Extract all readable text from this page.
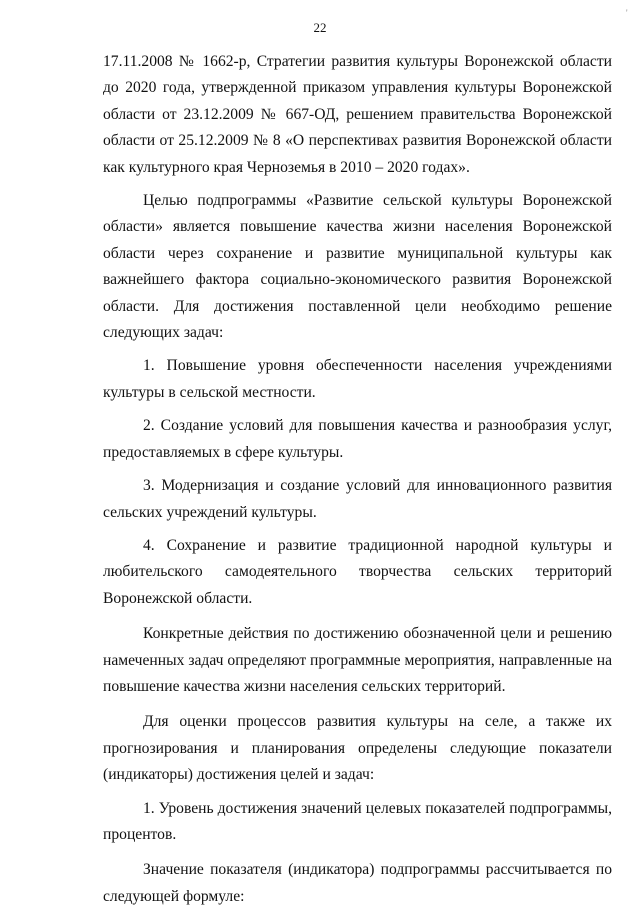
'
22

17.11.2008 № 1662-р, Стратегии развития культуры Воронежской области до 2020 года, утвержденной приказом управления культуры Воронежской области от 23.12.2009 № 667-ОД, решением правительства Воронежской области от 25.12.2009 № 8 «О перспективах развития Воронежской области как культурного края Черноземья в 2010 – 2020 годах».

Целью подпрограммы «Развитие сельской культуры Воронежской области» является повышение качества жизни населения Воронежской области через сохранение и развитие муниципальной культуры как важнейшего фактора социально-экономического развития Воронежской области. Для достижения поставленной цели необходимо решение следующих задач:

1. Повышение уровня обеспеченности населения учреждениями культуры в сельской местности.

2. Создание условий для повышения качества и разнообразия услуг, предоставляемых в сфере культуры.

3. Модернизация и создание условий для инновационного развития сельских учреждений культуры.

4. Сохранение и развитие традиционной народной культуры и любительского самодеятельного творчества сельских территорий Воронежской области.

Конкретные действия по достижению обозначенной цели и решению намеченных задач определяют программные мероприятия, направленные на повышение качества жизни населения сельских территорий.

Для оценки процессов развития культуры на селе, а также их прогнозирования и планирования определены следующие показатели (индикаторы) достижения целей и задач:

1. Уровень достижения значений целевых показателей подпрограммы, процентов.

Значение показателя (индикатора) подпрограммы рассчитывается по следующей формуле:
